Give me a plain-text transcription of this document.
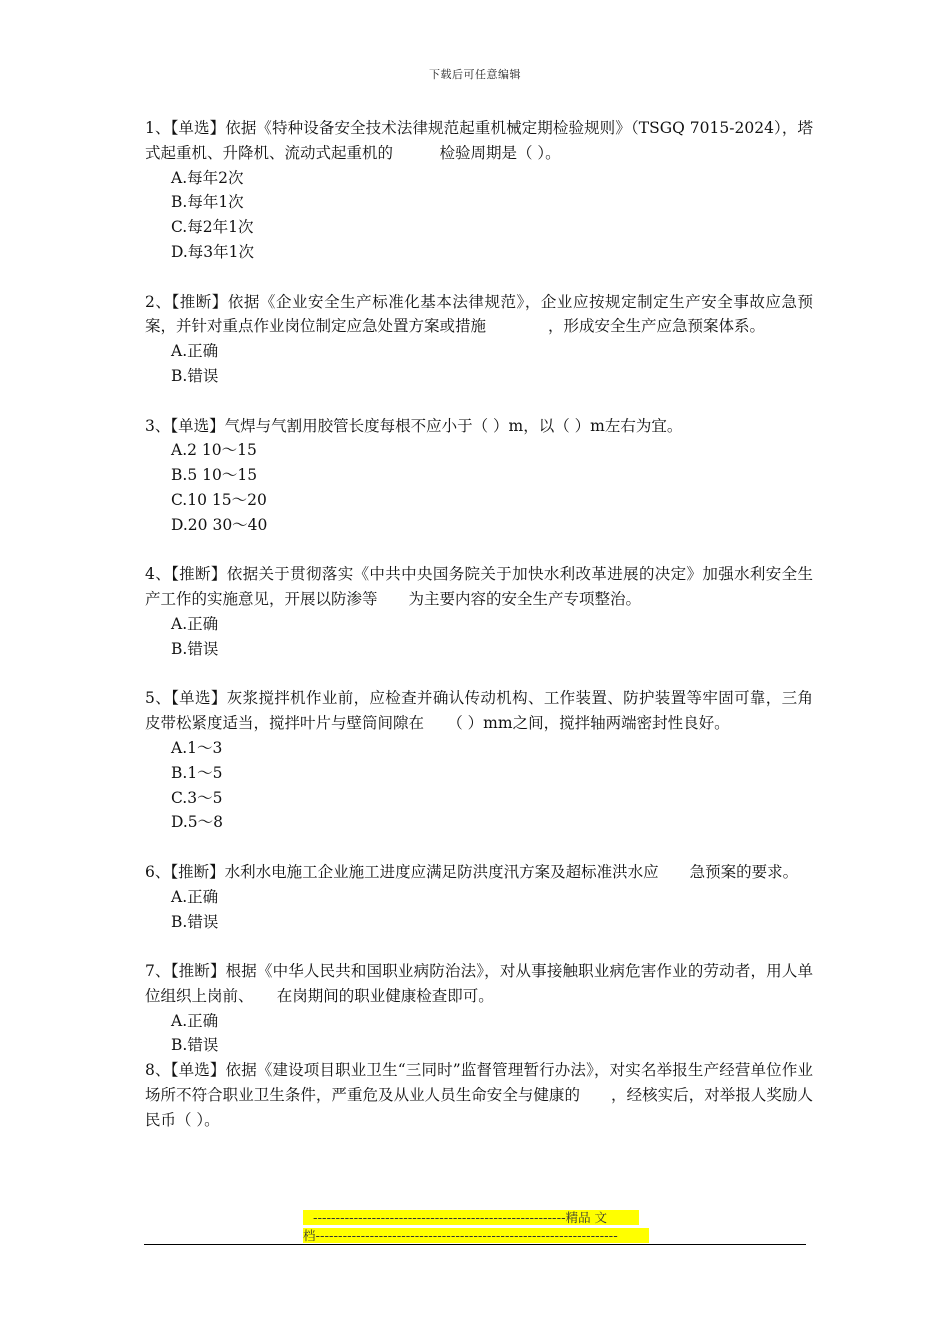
下载后可任意编辑
1、【单选】依据《特种设备安全技术法律规范起重机械定期检验规则》（TSGQ 7015-2024），塔式起重机、升降机、流动式起重机的　　　检验周期是（ ）。
A.每年2次
B.每年1次
C.每2年1次
D.每3年1次
2、【推断】依据《企业安全生产标准化基本法律规范》，企业应按规定制定生产安全事故应急预案，并针对重点作业岗位制定应急处置方案或措施　　　　，形成安全生产应急预案体系。
A.正确
B.错误
3、【单选】气焊与气割用胶管长度每根不应小于（ ）m，以（ ）m左右为宜。
A.2 10～15
B.5 10～15
C.10 15～20
D.20 30～40
4、【推断】依据关于贯彻落实《中共中央国务院关于加快水利改革进展的决定》加强水利安全生产工作的实施意见，开展以防渗等　　为主要内容的安全生产专项整治。
A.正确
B.错误
5、【单选】灰浆搅拌机作业前，应检查并确认传动机构、工作装置、防护装置等牢固可靠，三角皮带松紧度适当，搅拌叶片与壁筒间隙在　　（ ）mm之间，搅拌轴两端密封性良好。
A.1～3
B.1～5
C.3～5
D.5～8
6、【推断】水利水电施工企业施工进度应满足防洪度汛方案及超标准洪水应　　急预案的要求。
A.正确
B.错误
7、【推断】根据《中华人民共和国职业病防治法》，对从事接触职业病危害作业的劳动者，用人单位组织上岗前、　　在岗期间的职业健康检查即可。
A.正确
B.错误
8、【单选】依据《建设项目职业卫生“三同时”监督管理暂行办法》，对实名举报生产经营单位作业场所不符合职业卫生条件，严重危及从业人员生命安全与健康的　　，经核实后，对举报人奖励人民币（ ）。
--------------------------------------------------------精品 文
档-------------------------------------------------------------------
